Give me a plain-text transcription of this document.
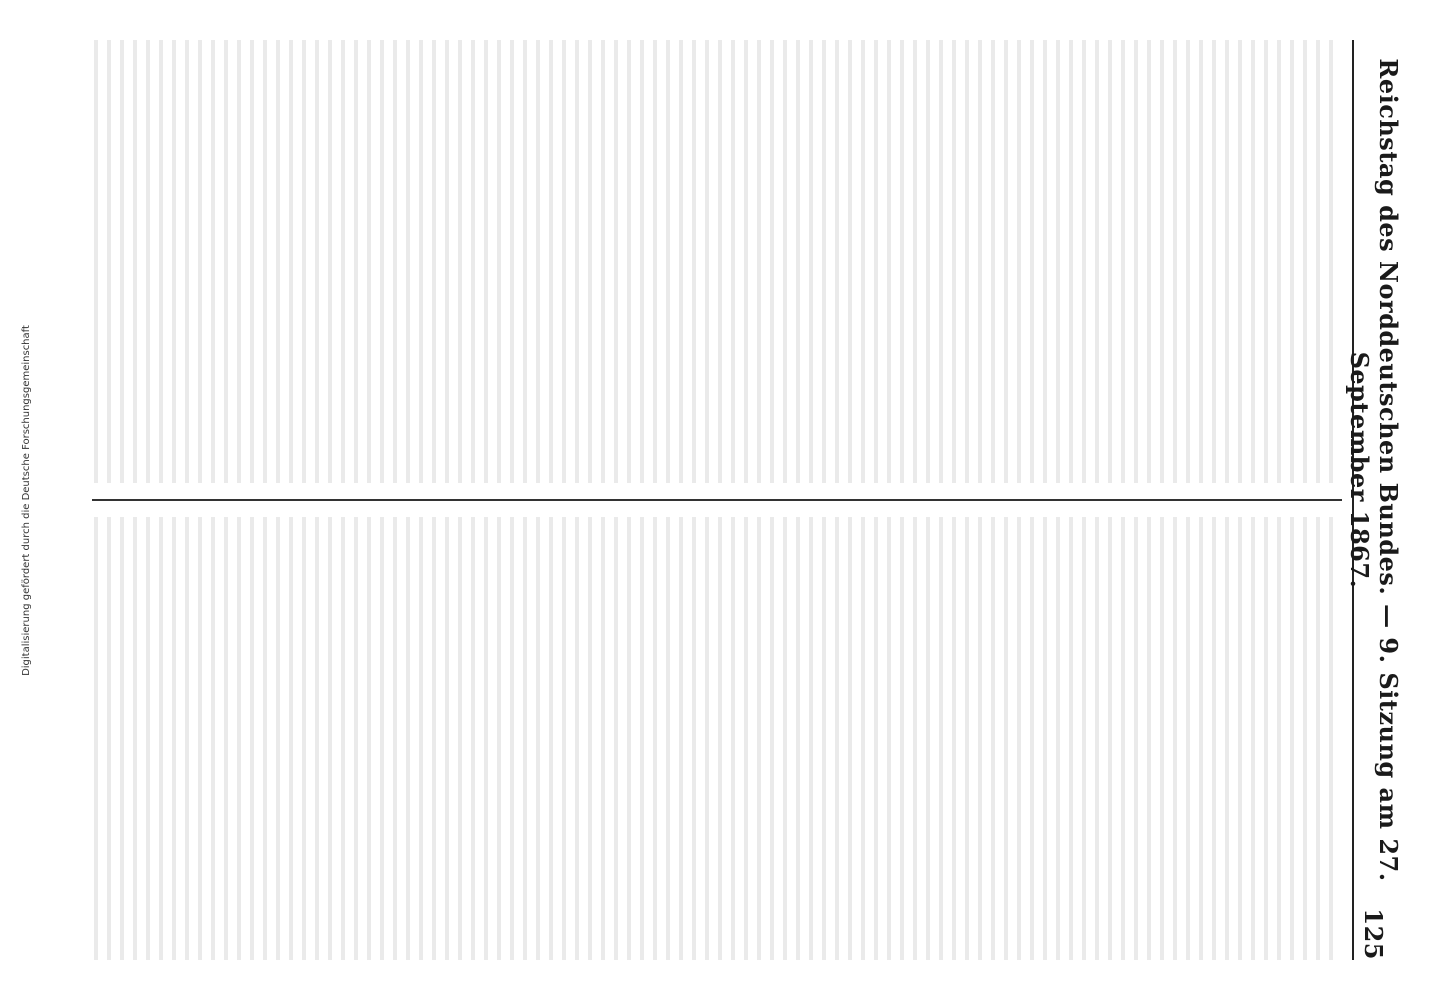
Digitalisierung gefördert durch die Deutsche Forschungsgemeinschaft	Reichstag des Norddeutschen Bundes. — 9. Sitzung am 27. September 1867.
125
